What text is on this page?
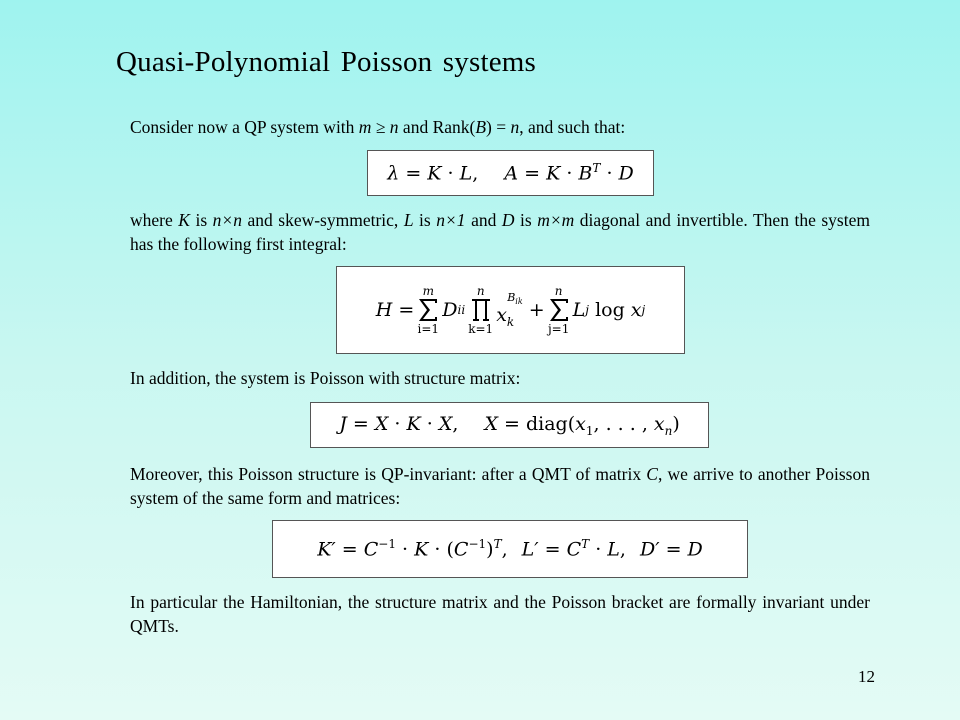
Quasi-Polynomial Poisson systems
Consider now a QP system with m ≥ n and Rank(B) = n, and such that:
λ = K · L, $A = K \cdot B^T \cdot D$
where K is n×n and skew-symmetric, L is n×1 and D is m×m diagonal and invertible. Then the system has the following first integral:
H
=
m
i=1
D ii
n
k=1
$B_{ik}$
$x_k$

+
n
j=1
L j
log
x j
In addition, the system is Poisson with structure matrix:
J = X · K · X, $X = diag(x_1$, . . . , $x_n$)
Moreover, this Poisson structure is QP-invariant: after a QMT of matrix C, we arrive to another Poisson system of the same form and matrices:
$K' = C^{-1} \cdot K \cdot (C^{-1})^T$, $L' = C^T \cdot L$, D′ = D
In particular the Hamiltonian, the structure matrix and the Poisson bracket are formally invariant under QMTs.
12
